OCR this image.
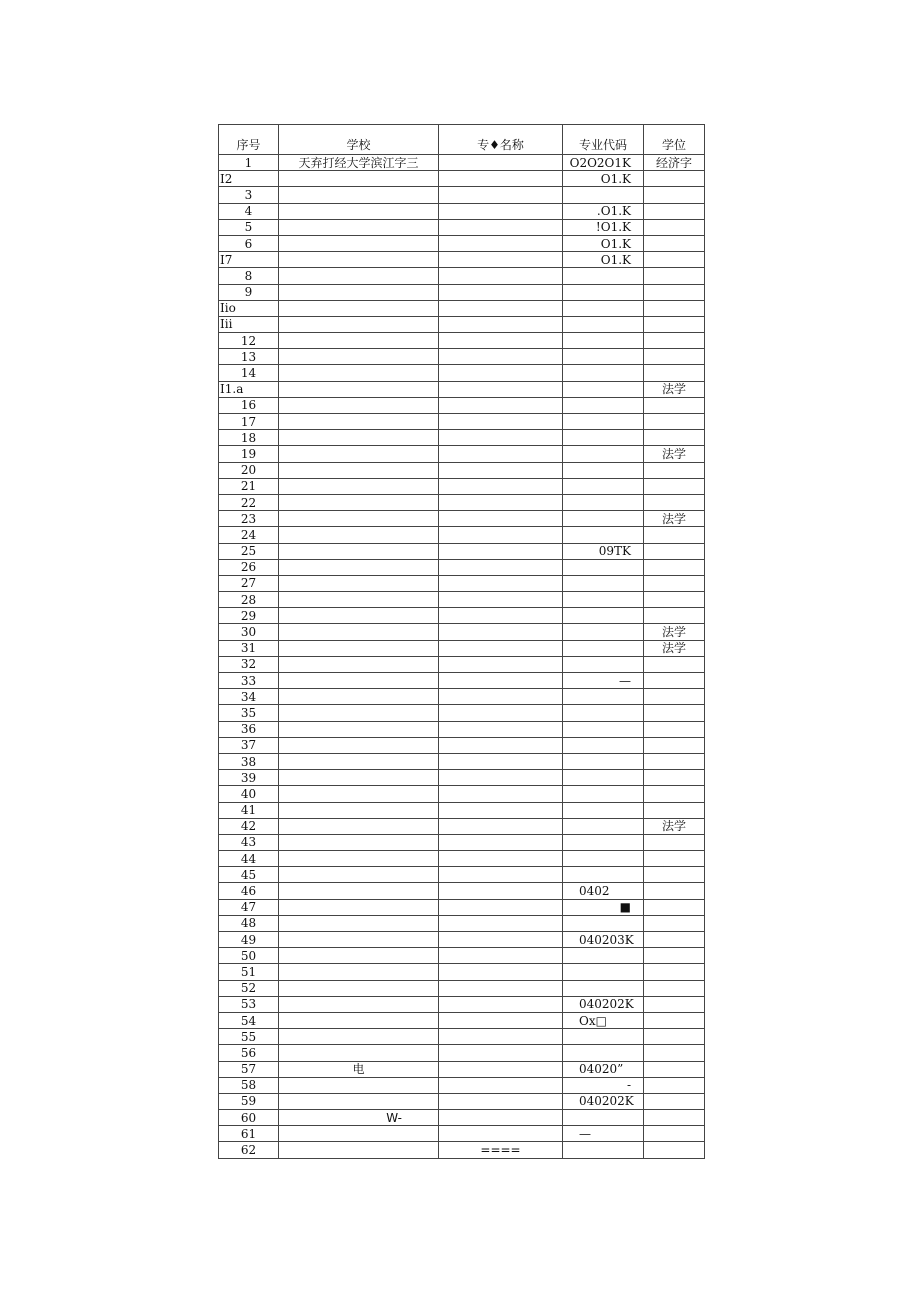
序号	学校	专♦名称	专业代码	学位
1	天弃打经大学滨江字三		O2O2O1K	经济字
I2			O1.K	
3				
4			.O1.K	
5			!O1.K	
6			O1.K	
I7			O1.K	
8				
9				
Iio				
Iii				
12				
13				
14				
I1.a				法学
16				
17				
18				
19				法学
20				
21				
22				
23				法学
24				
25			09TK	
26				
27				
28				
29				
30				法学
31				法学
32				
33			—	
34				
35				
36				
37				
38				
39				
40				
41				
42				法学
43				
44				
45				
46			0402	
47			■	
48				
49			040203K	
50				
51				
52				
53			040202K	
54			Ox□	
55				
56				
57	电		04020”	
58			-	
59			040202K	
60	W-			
61			—	
62		====		
